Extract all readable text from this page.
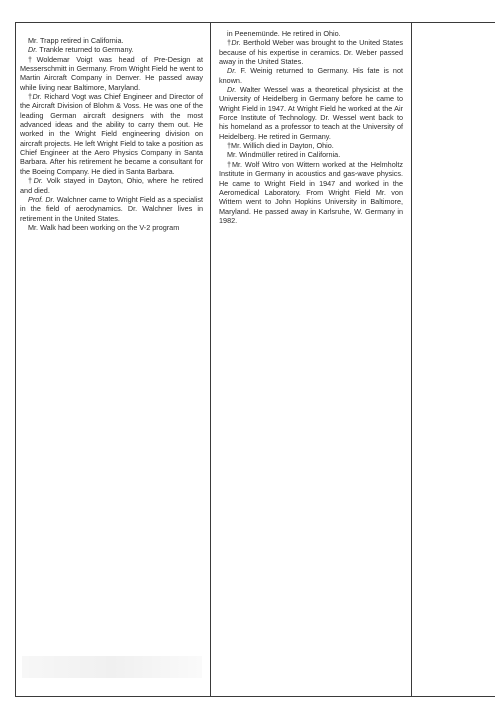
Mr. Trapp retired in California.

Dr. Trankle returned to Germany.

†Woldemar Voigt was head of Pre-Design at Messerschmitt in Germany. From Wright Field he went to Martin Aircraft Company in Denver. He passed away while living near Baltimore, Maryland.

†Dr. Richard Vogt was Chief Engineer and Director of the Aircraft Division of Blohm & Voss. He was one of the leading German aircraft designers with the most advanced ideas and the ability to carry them out. He worked in the Wright Field engineering division on aircraft projects. He left Wright Field to take a position as Chief Engineer at the Aero Physics Company in Santa Barbara. After his retirement he became a consultant for the Boeing Company. He died in Santa Barbara.

†Dr. Volk stayed in Dayton, Ohio, where he retired and died.

Prof. Dr. Walchner came to Wright Field as a specialist in the field of aerodynamics. Dr. Walchner lives in retirement in the United States.

Mr. Walk had been working on the V-2 program

in Peenemünde. He retired in Ohio.

†Dr. Berthold Weber was brought to the United States because of his expertise in ceramics. Dr. Weber passed away in the United States.

Dr. F. Weinig returned to Germany. His fate is not known.

Dr. Walter Wessel was a theoretical physicist at the University of Heidelberg in Germany before he came to Wright Field in 1947. At Wright Field he worked at the Air Force Institute of Technology. Dr. Wessel went back to his homeland as a professor to teach at the University of Heidelberg. He retired in Germany.

†Mr. Willich died in Dayton, Ohio.

Mr. Windmüller retired in California.

†Mr. Wolf Witro von Wittern worked at the Helmholtz Institute in Germany in acoustics and gas-wave physics. He came to Wright Field in 1947 and worked in the Aeromedical Laboratory. From Wright Field Mr. von Wittern went to John Hopkins University in Baltimore, Maryland. He passed away in Karlsruhe, W. Germany in 1982.
